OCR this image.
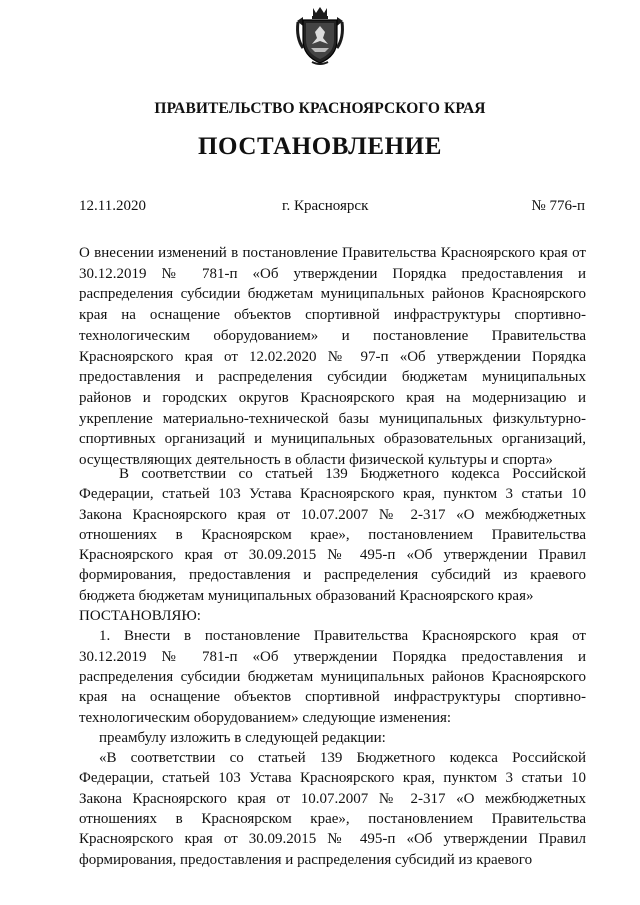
ПРАВИТЕЛЬСТВО КРАСНОЯРСКОГО КРАЯ
ПОСТАНОВЛЕНИЕ
12.11.2020	г. Красноярск	№ 776-п
О внесении изменений в постановление Правительства Красноярского края от 30.12.2019 № 781-п «Об утверждении Порядка предоставления и распределения субсидии бюджетам муниципальных районов Красноярского края на оснащение объектов спортивной инфраструктуры спортивно-технологическим оборудованием» и постановление Правительства Красноярского края от 12.02.2020 № 97-п «Об утверждении Порядка предоставления и распределения субсидии бюджетам муниципальных районов и городских округов Красноярского края на модернизацию и укрепление материально-технической базы муниципальных физкультурно-спортивных организаций и муниципальных образовательных организаций, осуществляющих деятельность в области физической культуры и спорта»

В соответствии со статьей 139 Бюджетного кодекса Российской Федерации, статьей 103 Устава Красноярского края, пунктом 3 статьи 10 Закона Красноярского края от 10.07.2007 № 2-317 «О межбюджетных отношениях в Красноярском крае», постановлением Правительства Красноярского края от 30.09.2015 № 495-п «Об утверждении Правил формирования, предоставления и распределения субсидий из краевого бюджета бюджетам муниципальных образований Красноярского края»

ПОСТАНОВЛЯЮ:

1. Внести в постановление Правительства Красноярского края от 30.12.2019 № 781-п «Об утверждении Порядка предоставления и распределения субсидии бюджетам муниципальных районов Красноярского края на оснащение объектов спортивной инфраструктуры спортивно-технологическим оборудованием» следующие изменения:

преамбулу изложить в следующей редакции:

«В соответствии со статьей 139 Бюджетного кодекса Российской Федерации, статьей 103 Устава Красноярского края, пунктом 3 статьи 10 Закона Красноярского края от 10.07.2007 № 2-317 «О межбюджетных отношениях в Красноярском крае», постановлением Правительства Красноярского края от 30.09.2015 № 495-п «Об утверждении Правил формирования, предоставления и распределения субсидий из краевого
